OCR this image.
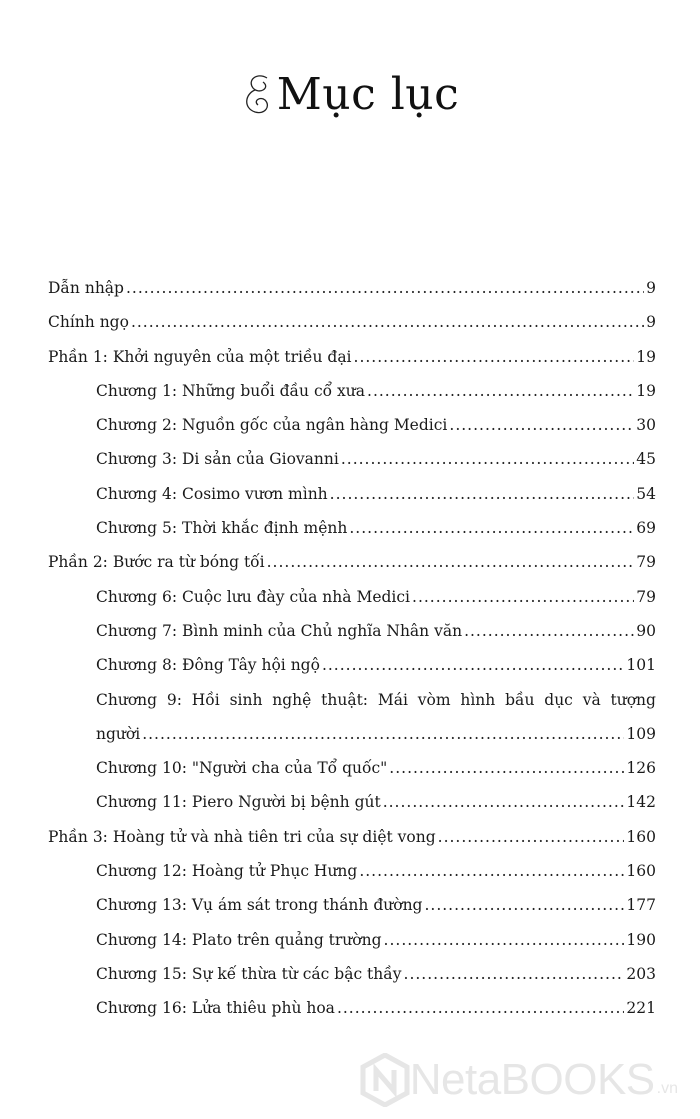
Mục lục
Dẫn nhập .....	9
Chính ngọ .....	9
Phần 1: Khởi nguyên của một triều đại .....	19
Chương 1: Những buổi đầu cổ xưa .....	19
Chương 2: Nguồn gốc của ngân hàng Medici .....	30
Chương 3: Di sản của Giovanni .....	45
Chương 4: Cosimo vươn mình .....	54
Chương 5: Thời khắc định mệnh .....	69
Phần 2: Bước ra từ bóng tối .....	79
Chương 6: Cuộc lưu đày của nhà Medici .....	79
Chương 7: Bình minh của Chủ nghĩa Nhân văn .....	90
Chương 8: Đông Tây hội ngộ .....	101
Chương 9: Hồi sinh nghệ thuật: Mái vòm hình bầu dục và tượng
người .....	109
Chương 10: "Người cha của Tổ quốc" .....	126
Chương 11: Piero Người bị bệnh gút .....	142
Phần 3: Hoàng tử và nhà tiên tri của sự diệt vong .....	160
Chương 12: Hoàng tử Phục Hưng .....	160
Chương 13: Vụ ám sát trong thánh đường .....	177
Chương 14: Plato trên quảng trường .....	190
Chương 15: Sự kế thừa từ các bậc thầy .....	203
Chương 16: Lửa thiêu phù hoa .....	221
NetaBOOKS .vn
